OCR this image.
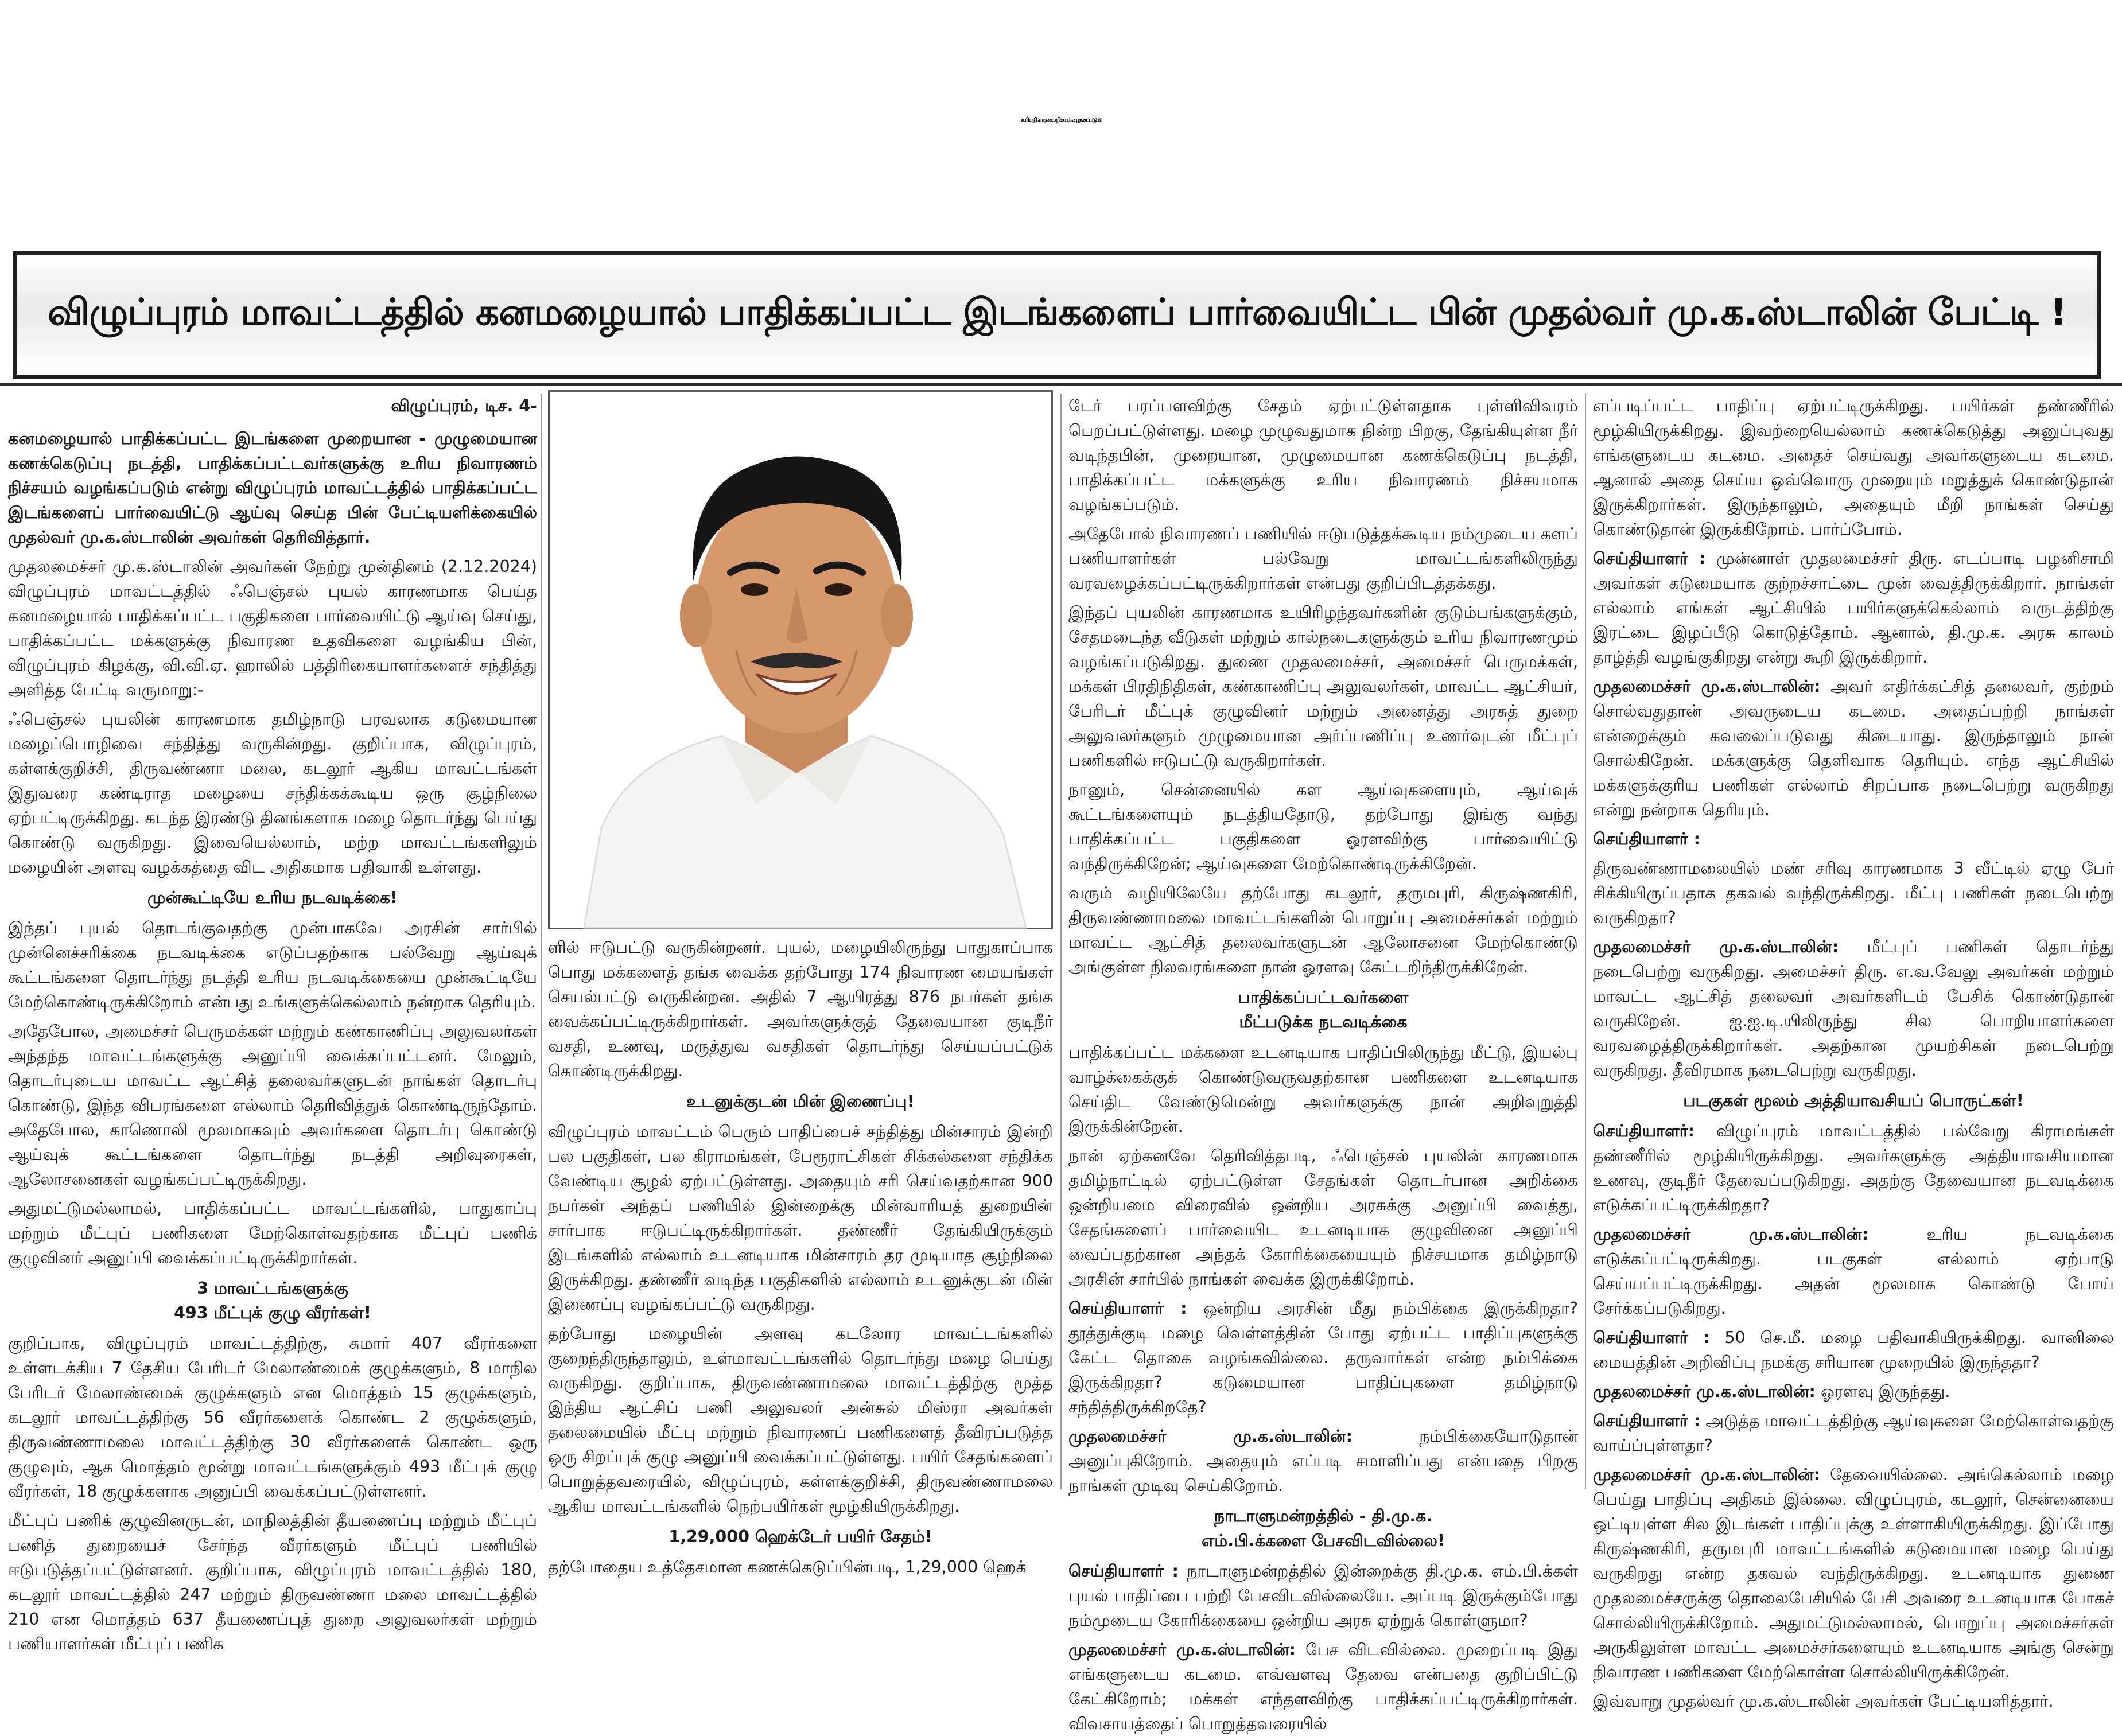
உரிய நிவாரணம் நிச்சயம் வழங்கப்படும்!
விழுப்புரம் மாவட்டத்தில் கனமழையால் பாதிக்கப்பட்ட இடங்களைப் பார்வையிட்ட பின் முதல்வர் மு.க.ஸ்டாலின் பேட்டி !

விழுப்புரம், டிச. 4-

கனமழையால் பாதிக்கப்பட்ட இடங்களை முறையான - முழுமையான கணக்கெடுப்பு நடத்தி, பாதிக்கப்பட்டவர்களுக்கு உரிய நிவாரணம் நிச்சயம் வழங்கப்படும் என்று விழுப்புரம் மாவட்டத்தில் பாதிக்கப்பட்ட இடங்களைப் பார்வையிட்டு ஆய்வு செய்த பின் பேட்டியளிக்கையில் முதல்வர் மு.க.ஸ்டாலின் அவர்கள் தெரிவித்தார்.

முதலமைச்சர் மு.க.ஸ்டாலின் அவர்கள் நேற்று முன்தினம் (2.12.2024) விழுப்புரம் மாவட்டத்தில் ஃபெஞ்சல் புயல் காரணமாக பெய்த கனமழையால் பாதிக்கப்பட்ட பகுதிகளை பார்வையிட்டு ஆய்வு செய்து, பாதிக்கப்பட்ட மக்களுக்கு நிவாரண உதவிகளை வழங்கிய பின், விழுப்புரம் கிழக்கு, வி.வி.ஏ. ஹாலில் பத்திரிகையாளர்களைச் சந்தித்து அளித்த பேட்டி வருமாறு:-

ஃபெஞ்சல் புயலின் காரணமாக தமிழ்நாடு பரவலாக கடுமையான மழைப்பொழிவை சந்தித்து வருகின்றது. குறிப்பாக, விழுப்புரம், கள்ளக்குறிச்சி, திருவண்ணா மலை, கடலூர் ஆகிய மாவட்டங்கள் இதுவரை கண்டிராத மழையை சந்திக்கக்கூடிய ஒரு சூழ்நிலை ஏற்பட்டிருக்கிறது. கடந்த இரண்டு தினங்களாக மழை தொடர்ந்து பெய்து கொண்டு வருகிறது. இவையெல்லாம், மற்ற மாவட்டங்களிலும் மழையின் அளவு வழக்கத்தை விட அதிகமாக பதிவாகி உள்ளது.

முன்கூட்டியே உரிய நடவடிக்கை!

இந்தப் புயல் தொடங்குவதற்கு முன்பாகவே அரசின் சார்பில் முன்னெச்சரிக்கை நடவடிக்கை எடுப்பதற்காக பல்வேறு ஆய்வுக் கூட்டங்களை தொடர்ந்து நடத்தி உரிய நடவடிக்கையை முன்கூட்டியே மேற்கொண்டிருக்கிறோம் என்பது உங்களுக்கெல்லாம் நன்றாக தெரியும்.

அதேபோல, அமைச்சர் பெருமக்கள் மற்றும் கண்காணிப்பு அலுவலர்கள் அந்தந்த மாவட்டங்களுக்கு அனுப்பி வைக்கப்பட்டனர். மேலும், தொடர்புடைய மாவட்ட ஆட்சித் தலைவர்களுடன் நாங்கள் தொடர்பு கொண்டு, இந்த விபரங்களை எல்லாம் தெரிவித்துக் கொண்டிருந்தோம். அதேபோல, காணொலி மூலமாகவும் அவர்களை தொடர்பு கொண்டு ஆய்வுக் கூட்டங்களை தொடர்ந்து நடத்தி அறிவுரைகள், ஆலோசனைகள் வழங்கப்பட்டிருக்கிறது.

அதுமட்டுமல்லாமல், பாதிக்கப்பட்ட மாவட்டங்களில், பாதுகாப்பு மற்றும் மீட்புப் பணிகளை மேற்கொள்வதற்காக மீட்புப் பணிக் குழுவினர் அனுப்பி வைக்கப்பட்டிருக்கிறார்கள்.

3 மாவட்டங்களுக்கு

493 மீட்புக் குழு வீரர்கள்!

குறிப்பாக, விழுப்புரம் மாவட்டத்திற்கு, சுமார் 407 வீரர்களை உள்ளடக்கிய 7 தேசிய பேரிடர் மேலாண்மைக் குழுக்களும், 8 மாநில பேரிடர் மேலாண்மைக் குழுக்களும் என மொத்தம் 15 குழுக்களும், கடலூர் மாவட்டத்திற்கு 56 வீரர்களைக் கொண்ட 2 குழுக்களும், திருவண்ணாமலை மாவட்டத்திற்கு 30 வீரர்களைக் கொண்ட ஒரு குழுவும், ஆக மொத்தம் மூன்று மாவட்டங்களுக்கும் 493 மீட்புக் குழு வீரர்கள், 18 குழுக்களாக அனுப்பி வைக்கப்பட்டுள்ளனர்.

மீட்புப் பணிக் குழுவினருடன், மாநிலத்தின் தீயணைப்பு மற்றும் மீட்புப் பணித் துறையைச் சேர்ந்த வீரர்களும் மீட்புப் பணியில் ஈடுபடுத்தப்பட்டுள்ளனர். குறிப்பாக, விழுப்புரம் மாவட்டத்தில் 180, கடலூர் மாவட்டத்தில் 247 மற்றும் திருவண்ணா மலை மாவட்டத்தில் 210 என மொத்தம் 637 தீயணைப்புத் துறை அலுவலர்கள் மற்றும் பணியாளர்கள் மீட்புப் பணிக

ளில் ஈடுபட்டு வருகின்றனர். புயல், மழையிலிருந்து பாதுகாப்பாக பொது மக்களைத் தங்க வைக்க தற்போது 174 நிவாரண மையங்கள் செயல்பட்டு வருகின்றன. அதில் 7 ஆயிரத்து 876 நபர்கள் தங்க வைக்கப்பட்டிருக்கிறார்கள். அவர்களுக்குத் தேவையான குடிநீர் வசதி, உணவு, மருத்துவ வசதிகள் தொடர்ந்து செய்யப்பட்டுக் கொண்டிருக்கிறது.

உடனுக்குடன் மின் இணைப்பு!

விழுப்புரம் மாவட்டம் பெரும் பாதிப்பைச் சந்தித்து மின்சாரம் இன்றி பல பகுதிகள், பல கிராமங்கள், பேரூராட்சிகள் சிக்கல்களை சந்திக்க வேண்டிய சூழல் ஏற்பட்டுள்ளது. அதையும் சரி செய்வதற்கான 900 நபர்கள் அந்தப் பணியில் இன்றைக்கு மின்வாரியத் துறையின் சார்பாக ஈடுபட்டிருக்கிறார்கள். தண்ணீர் தேங்கியிருக்கும் இடங்களில் எல்லாம் உடனடியாக மின்சாரம் தர முடியாத சூழ்நிலை இருக்கிறது. தண்ணீர் வடிந்த பகுதிகளில் எல்லாம் உடனுக்குடன் மின் இணைப்பு வழங்கப்பட்டு வருகிறது.

தற்போது மழையின் அளவு கடலோர மாவட்டங்களில் குறைந்திருந்தாலும், உள்மாவட்டங்களில் தொடர்ந்து மழை பெய்து வருகிறது. குறிப்பாக, திருவண்ணாமலை மாவட்டத்திற்கு மூத்த இந்திய ஆட்சிப் பணி அலுவலர் அன்சுல் மிஸ்ரா அவர்கள் தலைமையில் மீட்பு மற்றும் நிவாரணப் பணிகளைத் தீவிரப்படுத்த ஒரு சிறப்புக் குழு அனுப்பி வைக்கப்பட்டுள்ளது. பயிர் சேதங்களைப் பொறுத்தவரையில், விழுப்புரம், கள்ளக்குறிச்சி, திருவண்ணாமலை ஆகிய மாவட்டங்களில் நெற்பயிர்கள் மூழ்கியிருக்கிறது.

1,29,000 ஹெக்டேர் பயிர் சேதம்!

தற்போதைய உத்தேசமான கணக்கெடுப்பின்படி, 1,29,000 ஹெக்

டேர் பரப்பளவிற்கு சேதம் ஏற்பட்டுள்ளதாக புள்ளிவிவரம் பெறப்பட்டுள்ளது. மழை முழுவதுமாக நின்ற பிறகு, தேங்கியுள்ள நீர் வடிந்தபின், முறையான, முழுமையான கணக்கெடுப்பு நடத்தி, பாதிக்கப்பட்ட மக்களுக்கு உரிய நிவாரணம் நிச்சயமாக வழங்கப்படும்.

அதேபோல் நிவாரணப் பணியில் ஈடுபடுத்தக்கூடிய நம்முடைய களப் பணியாளர்கள் பல்வேறு மாவட்டங்களிலிருந்து வரவழைக்கப்பட்டிருக்கிறார்கள் என்பது குறிப்பிடத்தக்கது.

இந்தப் புயலின் காரணமாக உயிரிழந்தவர்களின் குடும்பங்களுக்கும், சேதமடைந்த வீடுகள் மற்றும் கால்நடைகளுக்கும் உரிய நிவாரணமும் வழங்கப்படுகிறது. துணை முதலமைச்சர், அமைச்சர் பெருமக்கள், மக்கள் பிரதிநிதிகள், கண்காணிப்பு அலுவலர்கள், மாவட்ட ஆட்சியர், பேரிடர் மீட்புக் குழுவினர் மற்றும் அனைத்து அரசுத் துறை அலுவலர்களும் முழுமையான அர்ப்பணிப்பு உணர்வுடன் மீட்புப் பணிகளில் ஈடுபட்டு வருகிறார்கள்.

நானும், சென்னையில் கள ஆய்வுகளையும், ஆய்வுக் கூட்டங்களையும் நடத்தியதோடு, தற்போது இங்கு வந்து பாதிக்கப்பட்ட பகுதிகளை ஓரளவிற்கு பார்வையிட்டு வந்திருக்கிறேன்; ஆய்வுகளை மேற்கொண்டிருக்கிறேன்.

வரும் வழியிலேயே தற்போது கடலூர், தருமபுரி, கிருஷ்ணகிரி, திருவண்ணாமலை மாவட்டங்களின் பொறுப்பு அமைச்சர்கள் மற்றும் மாவட்ட ஆட்சித் தலைவர்களுடன் ஆலோசனை மேற்கொண்டு அங்குள்ள நிலவரங்களை நான் ஓரளவு கேட்டறிந்திருக்கிறேன்.

பாதிக்கப்பட்டவர்களை

மீட்படுக்க நடவடிக்கை

பாதிக்கப்பட்ட மக்களை உடனடியாக பாதிப்பிலிருந்து மீட்டு, இயல்பு வாழ்க்கைக்குக் கொண்டுவருவதற்கான பணிகளை உடனடியாக செய்திட வேண்டுமென்று அவர்களுக்கு நான் அறிவுறுத்தி இருக்கின்றேன்.

நான் ஏற்கனவே தெரிவித்தபடி, ஃபெஞ்சல் புயலின் காரணமாக தமிழ்நாட்டில் ஏற்பட்டுள்ள சேதங்கள் தொடர்பான அறிக்கை ஒன்றியமை விரைவில் ஒன்றிய அரசுக்கு அனுப்பி வைத்து, சேதங்களைப் பார்வையிட உடனடியாக குழுவினை அனுப்பி வைப்பதற்கான அந்தக் கோரிக்கையையும் நிச்சயமாக தமிழ்நாடு அரசின் சார்பில் நாங்கள் வைக்க இருக்கிறோம்.

செய்தியாளர் : ஒன்றிய அரசின் மீது நம்பிக்கை இருக்கிறதா? தூத்துக்குடி மழை வெள்ளத்தின் போது ஏற்பட்ட பாதிப்புகளுக்கு கேட்ட தொகை வழங்கவில்லை. தருவார்கள் என்ற நம்பிக்கை இருக்கிறதா? கடுமையான பாதிப்புகளை தமிழ்நாடு சந்தித்திருக்கிறதே?

முதலமைச்சர் மு.க.ஸ்டாலின்: நம்பிக்கையோடுதான் அனுப்புகிறோம். அதையும் எப்படி சமாளிப்பது என்பதை பிறகு நாங்கள் முடிவு செய்கிறோம்.

நாடாளுமன்றத்தில் - தி.மு.க.

எம்.பி.க்களை பேசவிடவில்லை!

செய்தியாளர் : நாடாளுமன்றத்தில் இன்றைக்கு தி.மு.க. எம்.பி.க்கள் புயல் பாதிப்பை பற்றி பேசவிடவில்லையே. அப்படி இருக்கும்போது நம்முடைய கோரிக்கையை ஒன்றிய அரசு ஏற்றுக் கொள்ளுமா?

முதலமைச்சர் மு.க.ஸ்டாலின்: பேச விடவில்லை. முறைப்படி இது எங்களுடைய கடமை. எவ்வளவு தேவை என்பதை குறிப்பிட்டு கேட்கிறோம்; மக்கள் எந்தளவிற்கு பாதிக்கப்பட்டிருக்கிறார்கள். விவசாயத்தைப் பொறுத்தவரையில்

எப்படிப்பட்ட பாதிப்பு ஏற்பட்டிருக்கிறது. பயிர்கள் தண்ணீரில் மூழ்கியிருக்கிறது. இவற்றையெல்லாம் கணக்கெடுத்து அனுப்புவது எங்களுடைய கடமை. அதைச் செய்வது அவர்களுடைய கடமை. ஆனால் அதை செய்ய ஒவ்வொரு முறையும் மறுத்துக் கொண்டுதான் இருக்கிறார்கள். இருந்தாலும், அதையும் மீறி நாங்கள் செய்து கொண்டுதான் இருக்கிறோம். பார்ப்போம்.

செய்தியாளர் : முன்னாள் முதலமைச்சர் திரு. எடப்பாடி பழனிசாமி அவர்கள் கடுமையாக குற்றச்சாட்டை முன் வைத்திருக்கிறார். நாங்கள் எல்லாம் எங்கள் ஆட்சியில் பயிர்களுக்கெல்லாம் வருடத்திற்கு இரட்டை இழப்பீடு கொடுத்தோம். ஆனால், தி.மு.க. அரசு காலம் தாழ்த்தி வழங்குகிறது என்று கூறி இருக்கிறார்.

முதலமைச்சர் மு.க.ஸ்டாலின்: அவர் எதிர்க்கட்சித் தலைவர், குற்றம் சொல்வதுதான் அவருடைய கடமை. அதைப்பற்றி நாங்கள் என்றைக்கும் கவலைப்படுவது கிடையாது. இருந்தாலும் நான் சொல்கிறேன். மக்களுக்கு தெளிவாக தெரியும். எந்த ஆட்சியில் மக்களுக்குரிய பணிகள் எல்லாம் சிறப்பாக நடைபெற்று வருகிறது என்று நன்றாக தெரியும்.

செய்தியாளர் :

திருவண்ணாமலையில் மண் சரிவு காரணமாக 3 வீட்டில் ஏழு பேர் சிக்கியிருப்பதாக தகவல் வந்திருக்கிறது. மீட்பு பணிகள் நடைபெற்று வருகிறதா?

முதலமைச்சர் மு.க.ஸ்டாலின்: மீட்புப் பணிகள் தொடர்ந்து நடைபெற்று வருகிறது. அமைச்சர் திரு. எ.வ.வேலு அவர்கள் மற்றும் மாவட்ட ஆட்சித் தலைவர் அவர்களிடம் பேசிக் கொண்டுதான் வருகிறேன். ஐ.ஐ.டி.யிலிருந்து சில பொறியாளர்களை வரவழைத்திருக்கிறார்கள். அதற்கான முயற்சிகள் நடைபெற்று வருகிறது. தீவிரமாக நடைபெற்று வருகிறது.

படகுகள் மூலம் அத்தியாவசியப் பொருட்கள்!

செய்தியாளர்: விழுப்புரம் மாவட்டத்தில் பல்வேறு கிராமங்கள் தண்ணீரில் மூழ்கியிருக்கிறது. அவர்களுக்கு அத்தியாவசியமான உணவு, குடிநீர் தேவைப்படுகிறது. அதற்கு தேவையான நடவடிக்கை எடுக்கப்பட்டிருக்கிறதா?

முதலமைச்சர் மு.க.ஸ்டாலின்: உரிய நடவடிக்கை எடுக்கப்பட்டிருக்கிறது. படகுகள் எல்லாம் ஏற்பாடு செய்யப்பட்டிருக்கிறது. அதன் மூலமாக கொண்டு போய் சேர்க்கப்படுகிறது.

செய்தியாளர் : 50 செ.மீ. மழை பதிவாகியிருக்கிறது. வானிலை மையத்தின் அறிவிப்பு நமக்கு சரியான முறையில் இருந்ததா?

முதலமைச்சர் மு.க.ஸ்டாலின்: ஓரளவு இருந்தது.

செய்தியாளர் : அடுத்த மாவட்டத்திற்கு ஆய்வுகளை மேற்கொள்வதற்கு வாய்ப்புள்ளதா?

முதலமைச்சர் மு.க.ஸ்டாலின்: தேவையில்லை. அங்கெல்லாம் மழை பெய்து பாதிப்பு அதிகம் இல்லை. விழுப்புரம், கடலூர், சென்னையை ஒட்டியுள்ள சில இடங்கள் பாதிப்புக்கு உள்ளாகியிருக்கிறது. இப்போது கிருஷ்ணகிரி, தருமபுரி மாவட்டங்களில் கடுமையான மழை பெய்து வருகிறது என்ற தகவல் வந்திருக்கிறது. உடனடியாக துணை முதலமைச்சருக்கு தொலைபேசியில் பேசி அவரை உடனடியாக போகச் சொல்லியிருக்கிறோம். அதுமட்டுமல்லாமல், பொறுப்பு அமைச்சர்கள் அருகிலுள்ள மாவட்ட அமைச்சர்களையும் உடனடியாக அங்கு சென்று நிவாரண பணிகளை மேற்கொள்ள சொல்லியிருக்கிறேன்.

இவ்வாறு முதல்வர் மு.க.ஸ்டாலின் அவர்கள் பேட்டியளித்தார்.
